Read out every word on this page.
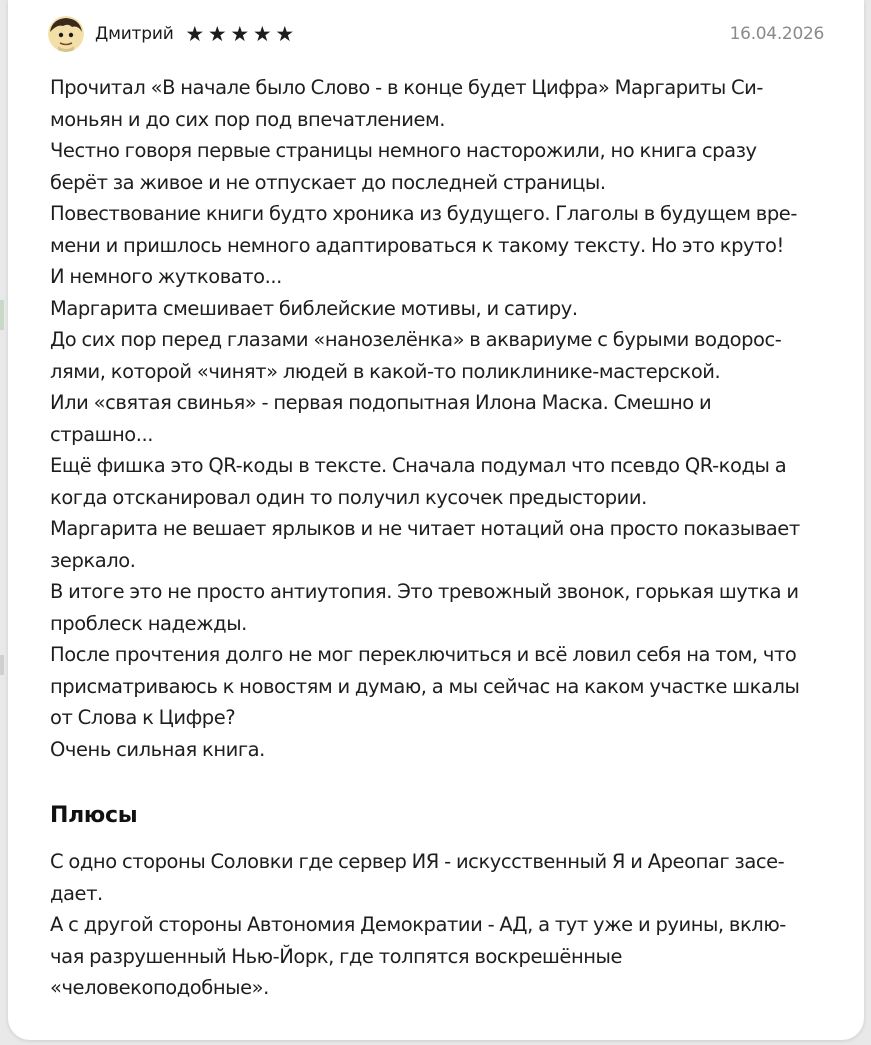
Дмитрий ★ ★ ★ ★ ★	16.04.2026
Прочитал «В начале было Слово - в конце будет Цифра» Маргариты Си-
моньян и до сих пор под впечатлением.
Честно говоря первые страницы немного насторожили, но книга сразу
берёт за живое и не отпускает до последней страницы.
Повествование книги будто хроника из будущего. Глаголы в будущем вре-
мени и пришлось немного адаптироваться к такому тексту. Но это круто!
И немного жутковато...
Маргарита смешивает библейские мотивы, и сатиру.
До сих пор перед глазами «нанозелёнка» в аквариуме с бурыми водорос-
лями, которой «чинят» людей в какой-то поликлинике-мастерской.
Или «святая свинья» - первая подопытная Илона Маска. Смешно и
страшно...
Ещё фишка это QR-коды в тексте. Сначала подумал что псевдо QR-коды а
когда отсканировал один то получил кусочек предыстории.
Маргарита не вешает ярлыков и не читает нотаций она просто показывает
зеркало.
В итоге это не просто антиутопия. Это тревожный звонок, горькая шутка и
проблеск надежды.
После прочтения долго не мог переключиться и всё ловил себя на том, что
присматриваюсь к новостям и думаю, а мы сейчас на каком участке шкалы
от Слова к Цифре?
Очень сильная книга.
Плюсы
С одно стороны Соловки где сервер ИЯ - искусственный Я и Ареопаг засе-
дает.
А с другой стороны Автономия Демократии - АД, а тут уже и руины, вклю-
чая разрушенный Нью-Йорк, где толпятся воскрешённые
«человекоподобные».
